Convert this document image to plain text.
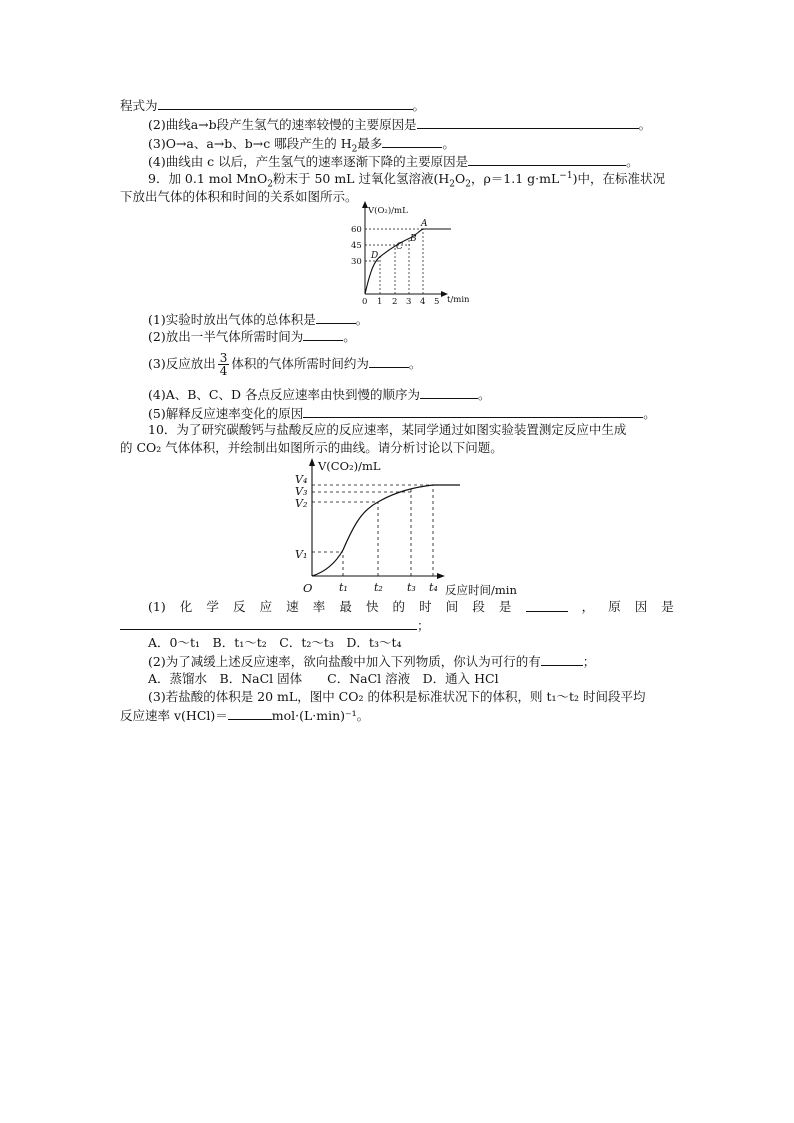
程式为	。
(2)曲线a→b段产生氢气的速率较慢的主要原因是	。
(3)O→a、a→b、b→c 哪段产生的 $H_2$最多	。
(4)曲线由 c 以后，产生氢气的速率逐渐下降的主要原因是	。
9．加 0.1 mol MnO$_2$粉末于 50 mL 过氧化氢溶液($H_2O_2$，ρ＝1.1 $g\cdot mL^{-1}$)中，在标准状况
下放出气体的体积和时间的关系如图所示。
V(O₂)/mL
t/min
60
45
30
0 1 2 3 4 5
A
B
C
D
(1)实验时放出气体的总体积是	。
(2)放出一半气体所需时间为	。
(3)反应放出 $\frac{3}{4}$ 体积的气体所需时间约为	。
(4)A、B、C、D 各点反应速率由快到慢的顺序为	。
(5)解释反应速率变化的原因	。
10．为了研究碳酸钙与盐酸反应的反应速率，某同学通过如图实验装置测定反应中生成
的 CO₂ 气体体积，并绘制出如图所示的曲线。请分析讨论以下问题。
V(CO₂)/mL
反应时间/min
O
V₄
V₃
V₂
V₁
t₁ t₂ t₃ t₄
(1) 化 学 反 应 速 率 最 快 的 时 间 段 是	， 原 因 是
；
A．0～t₁　B．t₁～t₂　C．t₂～t₃　D．t₃～t₄
(2)为了减缓上述反应速率，欲向盐酸中加入下列物质，你认为可行的有	；
A．蒸馏水　B．NaCl 固体　　C．NaCl 溶液　D．通入 HCl
(3)若盐酸的体积是 20 mL，图中 CO₂ 的体积是标准状况下的体积，则 t₁～t₂ 时间段平均
反应速率 v(HCl)＝	mol·(L·min)⁻¹。
